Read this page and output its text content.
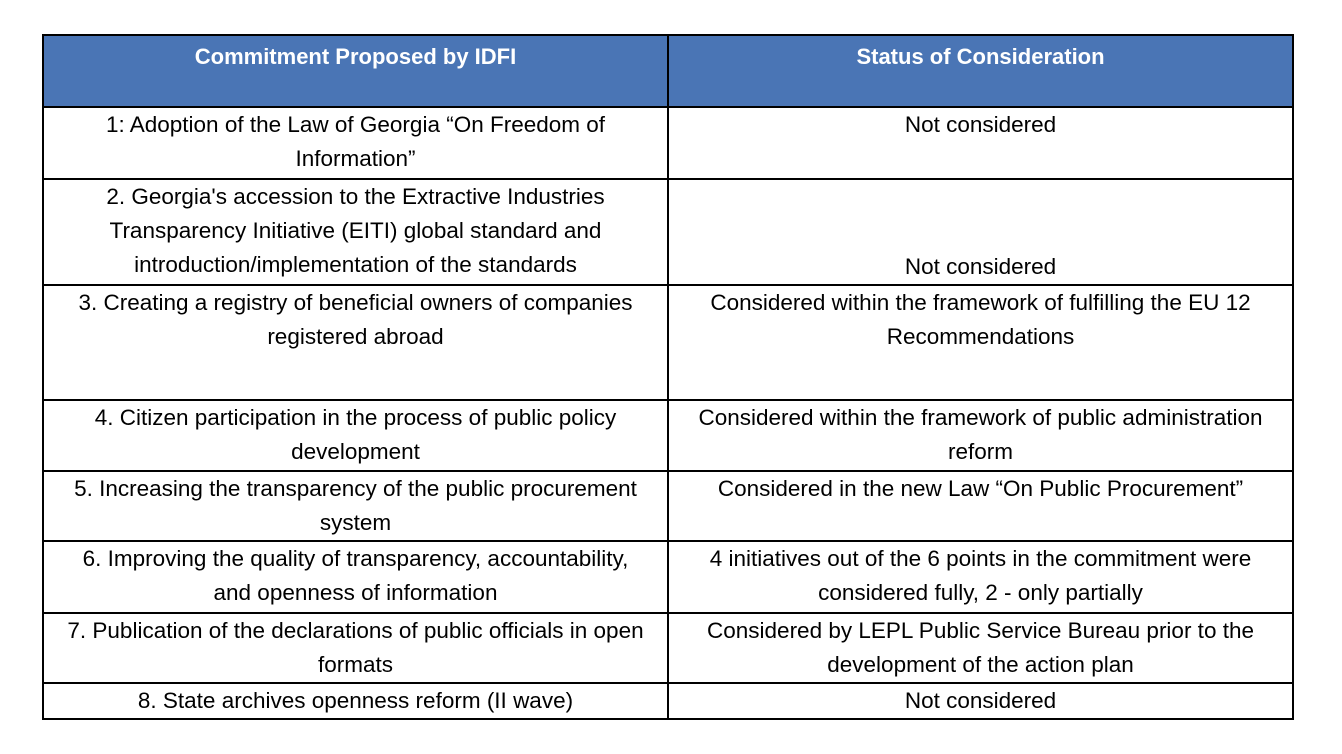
Commitment Proposed by IDFI	Status of Consideration
1: Adoption of the Law of Georgia “On Freedom of Information”	Not considered
2. Georgia's accession to the Extractive Industries Transparency Initiative (EITI) global standard and introduction/implementation of the standards	Not considered
3. Creating a registry of beneficial owners of companies registered abroad	Considered within the framework of fulfilling the EU 12 Recommendations
4. Citizen participation in the process of public policy development	Considered within the framework of public administration reform
5. Increasing the transparency of the public procurement system	Considered in the new Law “On Public Procurement”
6. Improving the quality of transparency, accountability, and openness of information	4 initiatives out of the 6 points in the commitment were considered fully, 2 - only partially
7. Publication of the declarations of public officials in open formats	Considered by LEPL Public Service Bureau prior to the development of the action plan
8. State archives openness reform (II wave)	Not considered
